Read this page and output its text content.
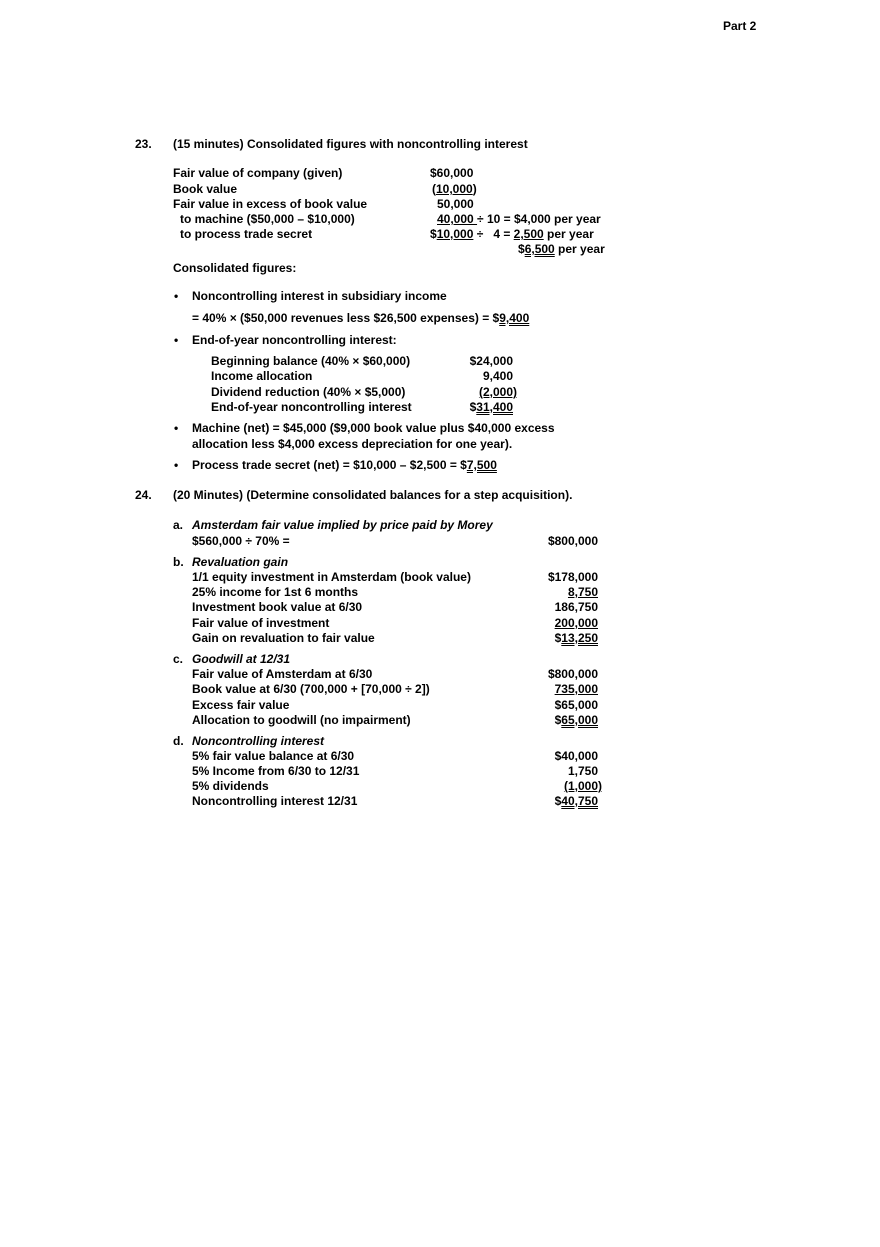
Part 2
23. (15 minutes) Consolidated figures with noncontrolling interest
Fair value of company (given)	$60,000
Book value	(10,000)
Fair value in excess of book value	50,000
to machine ($50,000 – $10,000)	40,000 ÷ 10 = $4,000 per year
to process trade secret	$10,000 ÷   4 = 2,500 per year
$6,500 per year
Consolidated figures:
• Noncontrolling interest in subsidiary income
= 40% × ($50,000 revenues less $26,500 expenses) = $9,400
• End-of-year noncontrolling interest:
Beginning balance (40% × $60,000)	$24,000
Income allocation	9,400
Dividend reduction (40% × $5,000)	(2,000)
End-of-year noncontrolling interest	$31,400
• Machine (net) = $45,000 ($9,000 book value plus $40,000 excess
allocation less $4,000 excess depreciation for one year).
• Process trade secret (net) = $10,000 – $2,500 = $7,500
24. (20 Minutes) (Determine consolidated balances for a step acquisition).
a. Amsterdam fair value implied by price paid by Morey
$560,000 ÷ 70% =	$800,000
b. Revaluation gain
1/1 equity investment in Amsterdam (book value)	$178,000
25% income for 1st 6 months	8,750
Investment book value at 6/30	186,750
Fair value of investment	200,000
Gain on revaluation to fair value	$13,250
c. Goodwill at 12/31
Fair value of Amsterdam at 6/30	$800,000
Book value at 6/30 (700,000 + [70,000 ÷ 2])	735,000
Excess fair value	$65,000
Allocation to goodwill (no impairment)	$65,000
d. Noncontrolling interest
5% fair value balance at 6/30	$40,000
5% Income from 6/30 to 12/31	1,750
5% dividends	(1,000)
Noncontrolling interest 12/31	$40,750
